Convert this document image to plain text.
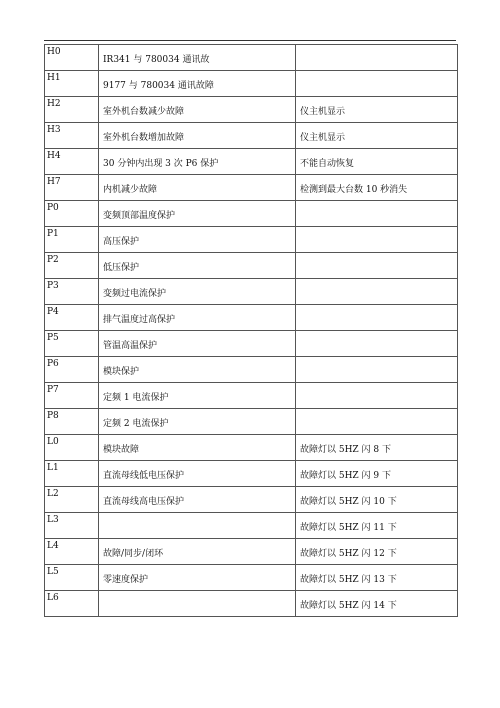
H0	IR341 与 780034 通讯故	

H1	9177 与 780034 通讯故障	

H2	室外机台数减少故障	仪主机显示

H3	室外机台数增加故障	仪主机显示

H4	30 分钟内出现 3 次 P6 保护	不能自动恢复

H7	内机减少故障	检测到最大台数 10 秒消失

P0	变频顶部温度保护	

P1	高压保护	

P2	低压保护	

P3	变频过电流保护	

P4	排气温度过高保护	

P5	管温高温保护	

P6	模块保护	

P7	定频 1 电流保护	

P8	定频 2 电流保护	

L0	模块故障	故障灯以 5HZ 闪 8 下

L1	直流母线低电压保护	故障灯以 5HZ 闪 9 下

L2	直流母线高电压保护	故障灯以 5HZ 闪 10 下

L3		故障灯以 5HZ 闪 11 下

L4	故障/同步/闭环	故障灯以 5HZ 闪 12 下

L5	零速度保护	故障灯以 5HZ 闪 13 下

L6		故障灯以 5HZ 闪 14 下
